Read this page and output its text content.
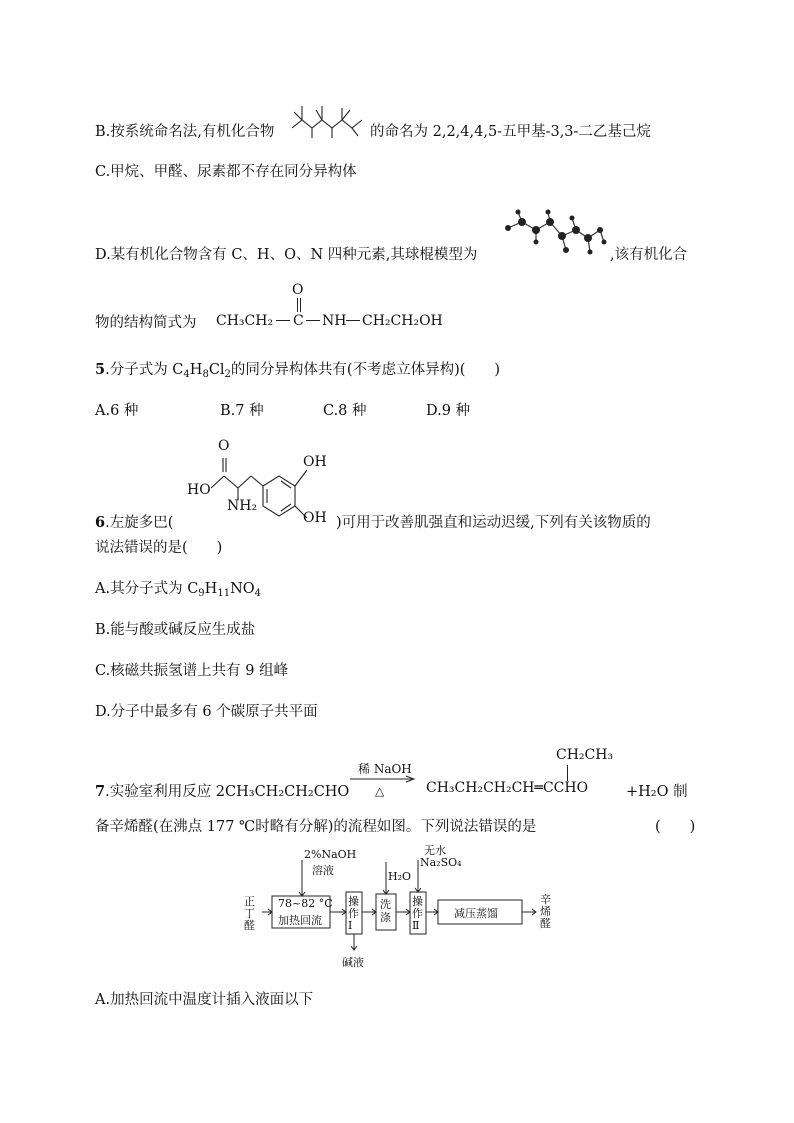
B.按系统命名法,有机化合物	的命名为 2,2,4,4,5-五甲基-3,3-二乙基己烷
C.甲烷、甲醛、尿素都不存在同分异构体
D.某有机化合物含有 C、H、O、N 四种元素,其球棍模型为	,该有机化合
物的结构简式为
O
CH₃CH₂ C NH CH₂CH₂OH
5.分子式为 $C_4H_8Cl_2$的同分异构体共有(不考虑立体异构)(　　)
A.6 种	B.7 种	C.8 种	D.9 种
O
HO
NH₂
OH
OH
6.左旋多巴(	)可用于改善肌强直和运动迟缓,下列有关该物质的
说法错误的是(　　)
A.其分子式为 $C_9H_{11}NO_4$
B.能与酸或碱反应生成盐
C.核磁共振氢谱上共有 9 组峰
D.分子中最多有 6 个碳原子共平面
7.实验室利用反应 2CH₃CH₂CH₂CHO
稀 NaOH
△
CH₂CH₃
CH₃CH₂CH₂CH═CCHO	+H₂O 制
备辛烯醛(在沸点 177 ℃时略有分解)的流程如图。下列说法错误的是	(　　)
正丁醛
2%NaOH
溶液
78~82 °C
加热回流
操作Ⅰ
碱液
H₂O
洗涤
无水
Na₂SO₄
操作Ⅱ
减压蒸馏
辛烯醛
A.加热回流中温度计插入液面以下
